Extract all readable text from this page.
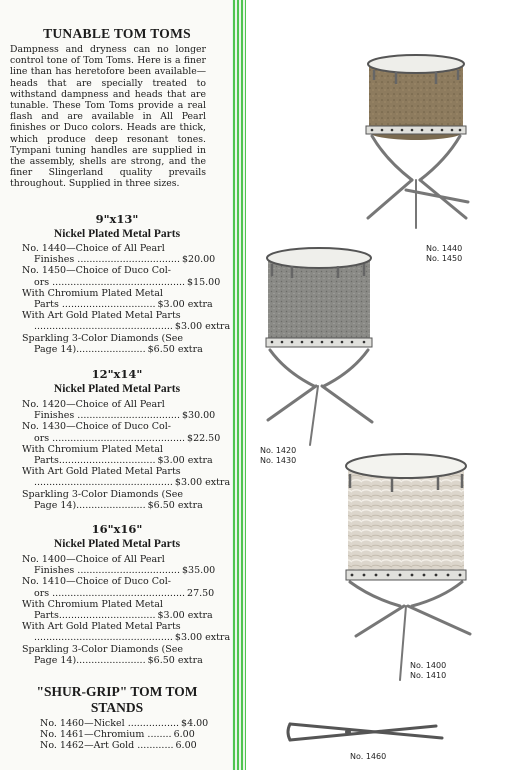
TUNABLE TOM TOMS
Dampness and dryness can no longer control tone of Tom Toms. Here is a finer line than has heretofore been available—heads that are specially treated to withstand dampness and heads that are tunable. These Tom Toms provide a real flash and are available in All Pearl finishes or Duco colors. Heads are thick, which produce deep resonant tones. Tympani tuning handles are supplied in the assembly, shells are strong, and the finer Slingerland quality prevails throughout. Supplied in three sizes.
9"x13"
Nickel Plated Metal Parts
No. 1440—Choice of All Pearl
Finishes .................................. $20.00
No. 1450—Choice of Duco Col-
ors ............................................ $15.00
With Chromium Plated Metal
Parts ............................... $3.00 extra
With Art Gold Plated Metal Parts
.............................................. $3.00 extra
Sparkling 3-Color Diamonds (See
Page 14)....................... $6.50 extra
12"x14"
Nickel Plated Metal Parts
No. 1420—Choice of All Pearl
Finishes .................................. $30.00
No. 1430—Choice of Duco Col-
ors ............................................ $22.50
With Chromium Plated Metal
Parts................................ $3.00 extra
With Art Gold Plated Metal Parts
.............................................. $3.00 extra
Sparkling 3-Color Diamonds (See
Page 14)....................... $6.50 extra
16"x16"
Nickel Plated Metal Parts
No. 1400—Choice of All Pearl
Finishes .................................. $35.00
No. 1410—Choice of Duco Col-
ors ............................................ 27.50
With Chromium Plated Metal
Parts................................ $3.00 extra
With Art Gold Plated Metal Parts
.............................................. $3.00 extra
Sparkling 3-Color Diamonds (See
Page 14)....................... $6.50 extra
"SHUR-GRIP" TOM TOM STANDS
No. 1460—Nickel ................. $4.00
No. 1461—Chromium ........ 6.00
No. 1462—Art Gold ............ 6.00
No. 1440
No. 1450
No. 1420
No. 1430
No. 1400
No. 1410
No. 1460
